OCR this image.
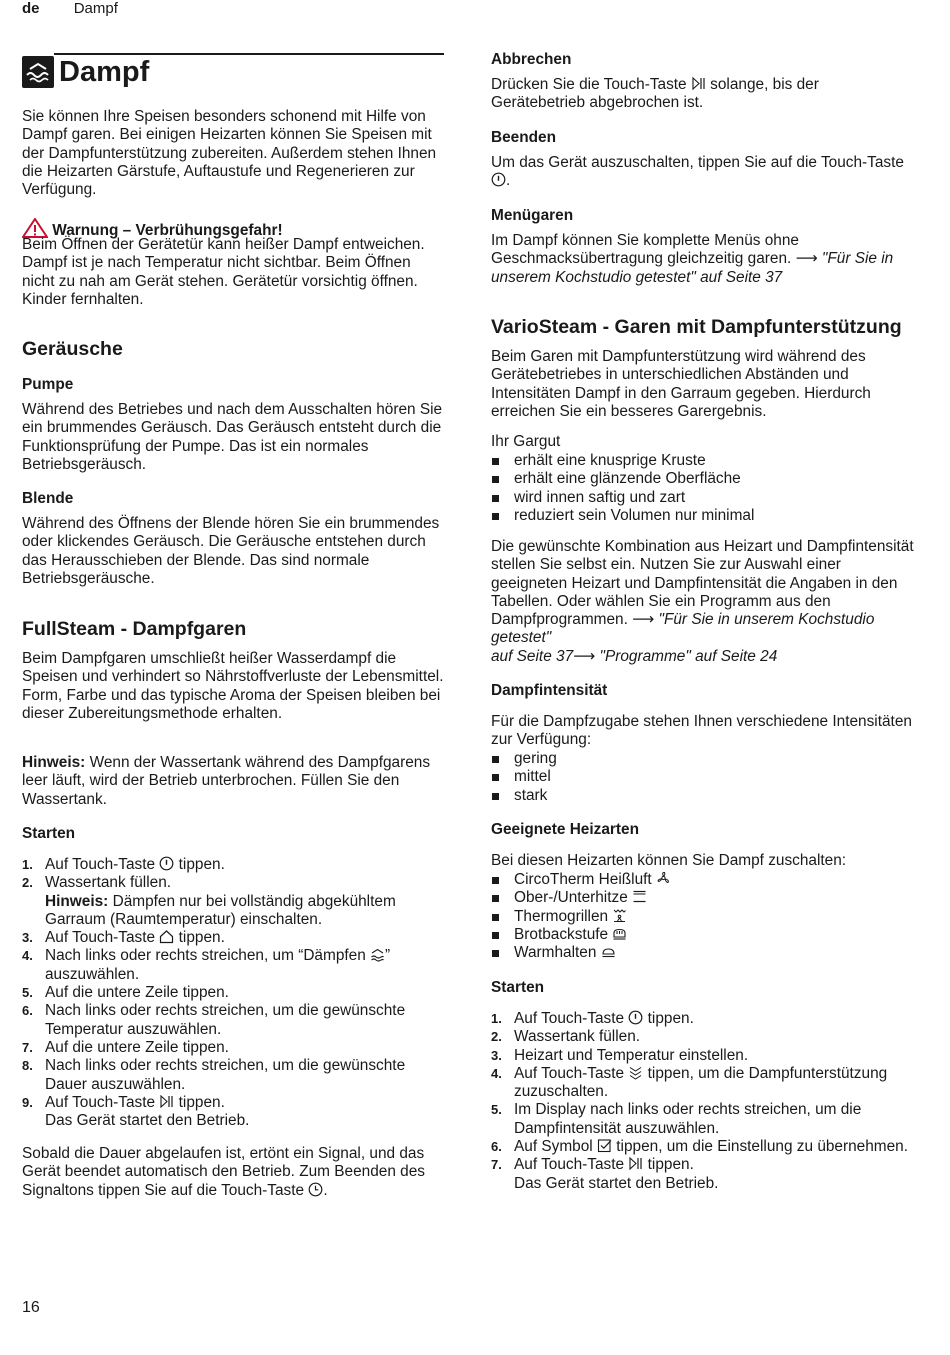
de Dampf
Dampf

Sie können Ihre Speisen besonders schonend mit Hilfe von Dampf garen. Bei einigen Heizarten können Sie Speisen mit der Dampfunterstützung zubereiten. Außerdem stehen Ihnen die Heizarten Gärstufe, Auftaustufe und Regenerieren zur Verfügung.

Warnung – Verbrühungsgefahr!

Beim Öffnen der Gerätetür kann heißer Dampf entweichen. Dampf ist je nach Temperatur nicht sichtbar. Beim Öffnen nicht zu nah am Gerät stehen. Gerätetür vorsichtig öffnen. Kinder fernhalten.

Geräusche

Pumpe

Während des Betriebes und nach dem Ausschalten hören Sie ein brummendes Geräusch. Das Geräusch entsteht durch die Funktionsprüfung der Pumpe. Das ist ein normales Betriebsgeräusch.

Blende

Während des Öffnens der Blende hören Sie ein brummendes oder klickendes Geräusch. Die Geräusche entstehen durch das Herausschieben der Blende. Das sind normale Betriebsgeräusche.

FullSteam - Dampfgaren

Beim Dampfgaren umschließt heißer Wasserdampf die Speisen und verhindert so Nährstoffverluste der Lebensmittel. Form, Farbe und das typische Aroma der Speisen bleiben bei dieser Zubereitungsmethode erhalten.

Hinweis: Wenn der Wassertank während des Dampfgarens leer läuft, wird der Betrieb unterbrochen. Füllen Sie den Wassertank.

Starten

1. Auf Touch-Taste
tippen.
2. Wassertank füllen.
Hinweis: Dämpfen nur bei vollständig abgekühltem Garraum (Raumtemperatur) einschalten.
3. Auf Touch-Taste
tippen.
4. Nach links oder rechts streichen, um “Dämpfen
” auszuwählen.
5. Auf die untere Zeile tippen.
6. Nach links oder rechts streichen, um die gewünschte Temperatur auszuwählen.
7. Auf die untere Zeile tippen.
8. Nach links oder rechts streichen, um die gewünschte Dauer auszuwählen.
9. Auf Touch-Taste
tippen.
Das Gerät startet den Betrieb.

Sobald die Dauer abgelaufen ist, ertönt ein Signal, und das Gerät beendet automatisch den Betrieb. Zum Beenden des Signaltons tippen Sie auf die Touch-Taste
.

Abbrechen

Drücken Sie die Touch-Taste
solange, bis der Gerätebetrieb abgebrochen ist.

Beenden

Um das Gerät auszuschalten, tippen Sie auf die Touch-Taste
.

Menügaren

Im Dampf können Sie komplette Menüs ohne Geschmacksübertragung gleichzeitig garen. ⟶ "Für Sie in unserem Kochstudio getestet" auf Seite 37

VarioSteam - Garen mit Dampfunterstützung

Beim Garen mit Dampfunterstützung wird während des Gerätebetriebes in unterschiedlichen Abständen und Intensitäten Dampf in den Garraum gegeben. Hierdurch erreichen Sie ein besseres Garergebnis.

Ihr Gargut

erhält eine knusprige Kruste
erhält eine glänzende Oberfläche
wird innen saftig und zart
reduziert sein Volumen nur minimal

Die gewünschte Kombination aus Heizart und Dampfintensität stellen Sie selbst ein. Nutzen Sie zur Auswahl einer geeigneten Heizart und Dampfintensität die Angaben in den Tabellen. Oder wählen Sie ein Programm aus den Dampfprogrammen. ⟶ "Für Sie in unserem Kochstudio getestet"
auf Seite 37⟶ "Programme" auf Seite 24

Dampfintensität

Für die Dampfzugabe stehen Ihnen verschiedene Intensitäten zur Verfügung:

gering
mittel
stark

Geeignete Heizarten

Bei diesen Heizarten können Sie Dampf zuschalten:

CircoTherm Heißluft
Ober-/Unterhitze
Thermogrillen
Brotbackstufe
Warmhalten

Starten

1. Auf Touch-Taste
tippen.
2. Wassertank füllen.
3. Heizart und Temperatur einstellen.
4. Auf Touch-Taste
tippen, um die Dampfunterstützung zuzuschalten.
5. Im Display nach links oder rechts streichen, um die Dampfintensität auszuwählen.
6. Auf Symbol
tippen, um die Einstellung zu übernehmen.
7. Auf Touch-Taste
tippen.
Das Gerät startet den Betrieb.
16
